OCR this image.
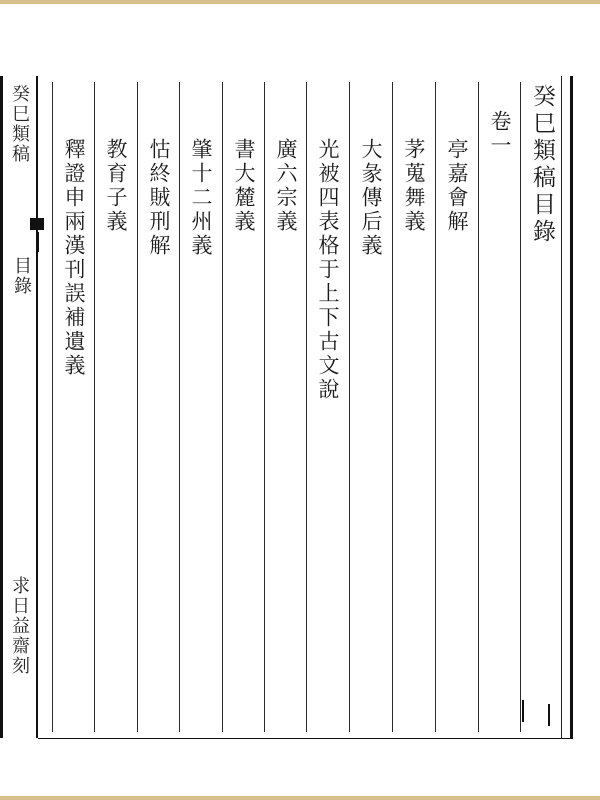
癸巳類稿
目錄
求日益齋刻
癸巳類稿目錄
卷一
亭嘉會解
茅蒐舞義
大彖傳后義
光被四表格于上下古文說
廣六宗義
書大麓義
肇十二州義
怙終賊刑解
教育子義
釋證申兩漢刊誤補遺義
